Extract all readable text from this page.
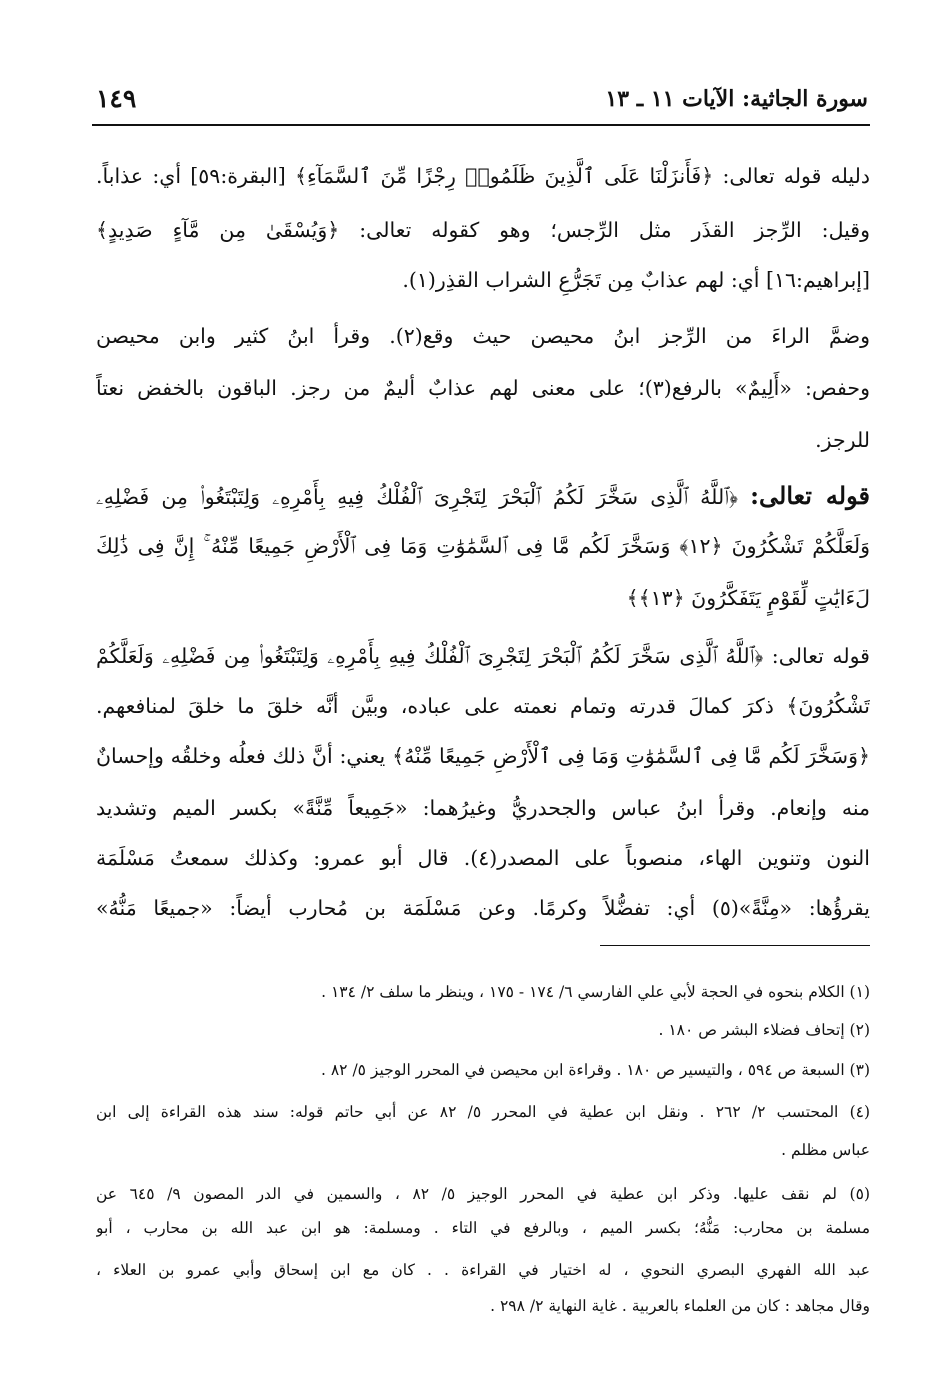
سورة الجاثية: الآيات ١١ ـ ١٣
١٤٩
دليله قوله تعالى: ﴿فَأَنزَلْنَا عَلَى ٱلَّذِينَ ظَلَمُوا۟ رِجْزًا مِّنَ ٱلسَّمَآءِ﴾ [البقرة:٥٩] أي: عذاباً.
وقيل: الرِّجز القذَر مثل الرِّجس؛ وهو كقوله تعالى: ﴿وَيُسْقَىٰ مِن مَّآءٍ صَدِيدٍ﴾
[إبراهيم:١٦] أي: لهم عذابٌ مِن تَجَرُّعِ الشراب القذِر(١).
وضمَّ الراءَ من الرِّجز ابنُ محيصن حيث وقع(٢). وقرأ ابنُ كثير وابن محيصن
وحفص: «أَلِيمٌ» بالرفع(٣)؛ على معنى لهم عذابٌ أليمٌ من رجز. الباقون بالخفض نعتاً
للرجز.
قوله تعالى: ﴿ٱللَّهُ ٱلَّذِى سَخَّرَ لَكُمُ ٱلْبَحْرَ لِتَجْرِىَ ٱلْفُلْكُ فِيهِ بِأَمْرِهِۦ وَلِتَبْتَغُوا۟ مِن فَضْلِهِۦ
وَلَعَلَّكُمْ تَشْكُرُونَ ﴿١٢﴾ وَسَخَّرَ لَكُم مَّا فِى ٱلسَّمَٰوَٰتِ وَمَا فِى ٱلْأَرْضِ جَمِيعًا مِّنْهُ ۚ إِنَّ فِى ذَٰلِكَ
لَءَايَٰتٍ لِّقَوْمٍ يَتَفَكَّرُونَ ﴿١٣﴾﴾
قوله تعالى: ﴿ٱللَّهُ ٱلَّذِى سَخَّرَ لَكُمُ ٱلْبَحْرَ لِتَجْرِىَ ٱلْفُلْكُ فِيهِ بِأَمْرِهِۦ وَلِتَبْتَغُوا۟ مِن فَضْلِهِۦ وَلَعَلَّكُمْ
تَشْكُرُونَ﴾ ذكرَ كمالَ قدرته وتمام نعمته على عباده، وبيَّن أنَّه خلقَ ما خلقَ لمنافعهم.
﴿وَسَخَّرَ لَكُم مَّا فِى ٱلسَّمَٰوَٰتِ وَمَا فِى ٱلْأَرْضِ جَمِيعًا مِّنْهُ﴾ يعني: أنَّ ذلك فعلُه وخلقُه وإحسانٌ
منه وإنعام. وقرأ ابنُ عباس والجحدريُّ وغيرُهما: «جَمِيعاً مِّنَّةً» بكسر الميم وتشديد
النون وتنوين الهاء، منصوباً على المصدر(٤). قال أبو عمرو: وكذلك سمعتُ مَسْلَمَة
يقرؤُها: «مِنَّةً»(٥) أي: تفضُّلاً وكرمًا. وعن مَسْلَمَة بن مُحارب أيضاً: «جميعًا مَنُّهُ»
(١) الكلام بنحوه في الحجة لأبي علي الفارسي ٦/ ١٧٤ - ١٧٥ ، وينظر ما سلف ٢/ ١٣٤ .
(٢) إتحاف فضلاء البشر ص ١٨٠ .
(٣) السبعة ص ٥٩٤ ، والتيسير ص ١٨٠ . وقراءة ابن محيصن في المحرر الوجيز ٥/ ٨٢ .
(٤) المحتسب ٢/ ٢٦٢ . ونقل ابن عطية في المحرر ٥/ ٨٢ عن أبي حاتم قوله: سند هذه القراءة إلى ابن
عباس مظلم .
(٥) لم نقف عليها. وذكر ابن عطية في المحرر الوجيز ٥/ ٨٢ ، والسمين في الدر المصون ٩/ ٦٤٥ عن
مسلمة بن محارب: مَنُّهُ؛ بكسر الميم ، وبالرفع في التاء . ومسلمة: هو ابن عبد الله بن محارب ، أبو
عبد الله الفهري البصري النحوي ، له اختيار في القراءة . . كان مع ابن إسحاق وأبي عمرو بن العلاء ،
وقال مجاهد : كان من العلماء بالعربية . غاية النهاية ٢/ ٢٩٨ .
